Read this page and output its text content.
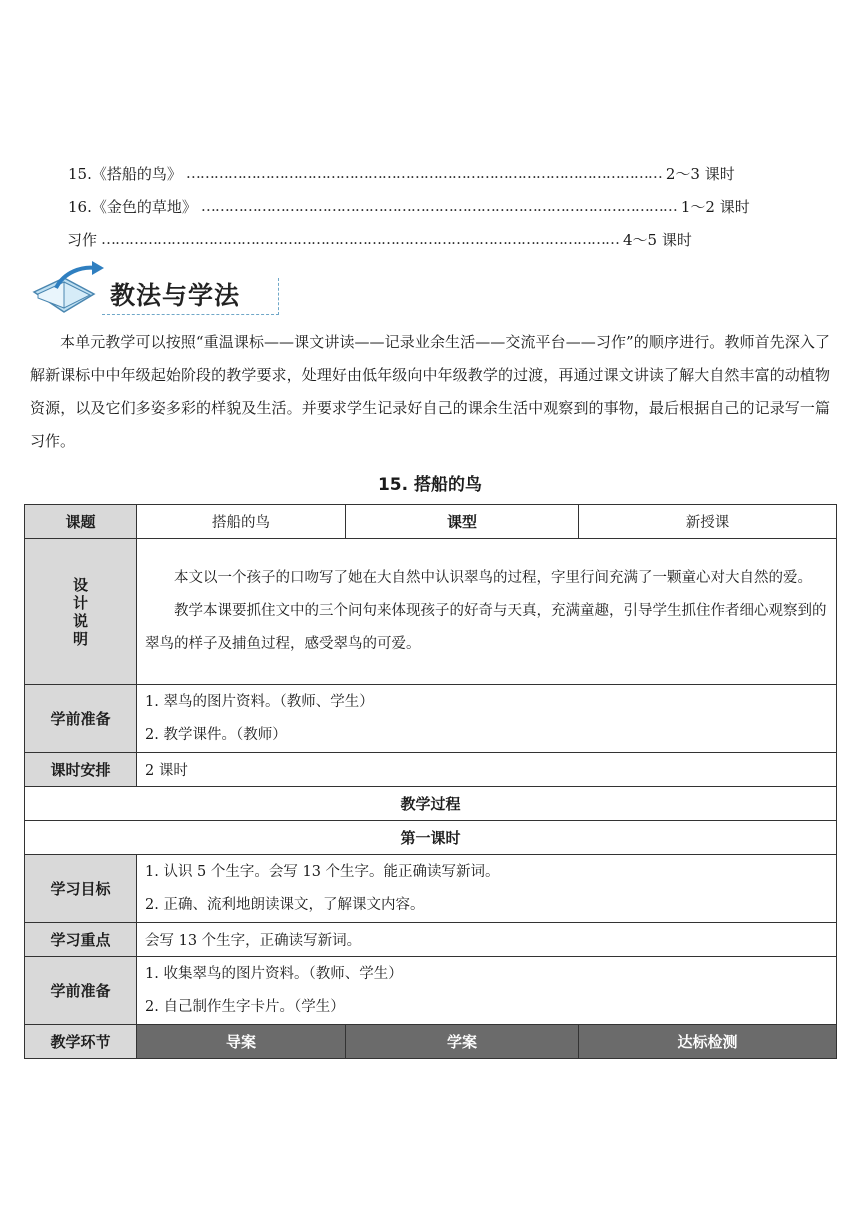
15.《搭船的鸟》 ………………………………………………………………………………………… 2～3 课时
16.《金色的草地》 ………………………………………………………………………………………… 1～2 课时
习作 ………………………………………………………………………………………………… 4～5 课时
教法与学法

本单元教学可以按照“重温课标——课文讲读——记录业余生活——交流平台——习作”的顺序进行。教师首先深入了解新课标中中年级起始阶段的教学要求，处理好由低年级向中年级教学的过渡，再通过课文讲读了解大自然丰富的动植物资源，以及它们多姿多彩的样貌及生活。并要求学生记录好自己的课余生活中观察到的事物，最后根据自己的记录写一篇习作。

15. 搭船的鸟
课题	搭船的鸟	课型	新授课
设计说明	本文以一个孩子的口吻写了她在大自然中认识翠鸟的过程，字里行间充满了一颗童心对大自然的爱。

教学本课要抓住文中的三个问句来体现孩子的好奇与天真，充满童趣，引导学生抓住作者细心观察到的翠鸟的样子及捕鱼过程，感受翠鸟的可爱。		

学前准备	1. 翠鸟的图片资料。（教师、学生）
2. 教学课件。（教师）		

课时安排	2 课时		
教学过程			
第一课时			
学习目标	1. 认识 5 个生字。会写 13 个生字。能正确读写新词。
2. 正确、流利地朗读课文，了解课文内容。		

学习重点	会写 13 个生字，正确读写新词。		
学前准备	1. 收集翠鸟的图片资料。（教师、学生）
2. 自己制作生字卡片。（学生）		

教学环节	导案	学案	达标检测
